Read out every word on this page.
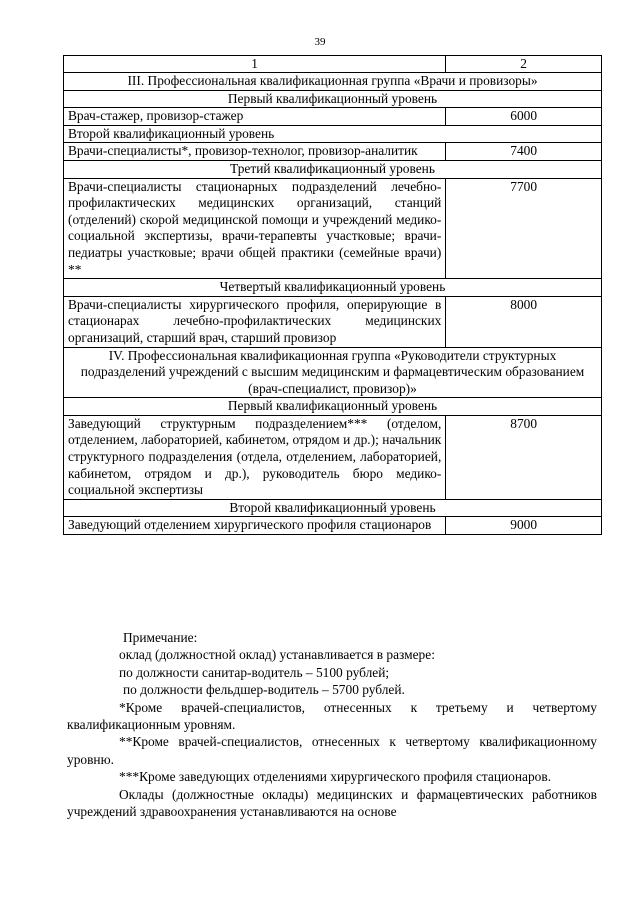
39
1	2
III. Профессиональная квалификационная группа «Врачи и провизоры»	
Первый квалификационный уровень	
Врач-стажер, провизор-стажер	6000
Второй квалификационный уровень	
Врачи-специалисты*, провизор-технолог, провизор-аналитик	7400
Третий квалификационный уровень	
Врачи-специалисты стационарных подразделений лечебно-профилактических медицинских организаций, станций (отделений) скорой медицинской помощи и учреждений медико-социальной экспертизы, врачи-терапевты участковые; врачи-педиатры участковые; врачи общей практики (семейные врачи) **	7700
Четвертый квалификационный уровень	
Врачи-специалисты хирургического профиля, оперирующие в стационарах лечебно-профилактических медицинских организаций, старший врач, старший провизор	8000
IV. Профессиональная квалификационная группа «Руководители структурных подразделений учреждений с высшим медицинским и фармацевтическим образованием (врач-специалист, провизор)»	
Первый квалификационный уровень	
Заведующий структурным подразделением*** (отделом, отделением, лабораторией, кабинетом, отрядом и др.); начальник структурного подразделения (отдела, отделением, лабораторией, кабинетом, отрядом и др.), руководитель бюро медико-социальной экспертизы	8700
Второй квалификационный уровень	
Заведующий отделением хирургического профиля стационаров	9000

Примечание:

оклад (должностной оклад) устанавливается в размере:

по должности санитар-водитель – 5100 рублей;

по должности фельдшер-водитель – 5700 рублей.

*Кроме врачей-специалистов, отнесенных к третьему и четвертому квалификационным уровням.

**Кроме врачей-специалистов, отнесенных к четвертому квалификационному уровню.

***Кроме заведующих отделениями хирургического профиля стационаров.

Оклады (должностные оклады) медицинских и фармацевтических работников учреждений здравоохранения устанавливаются на основе
